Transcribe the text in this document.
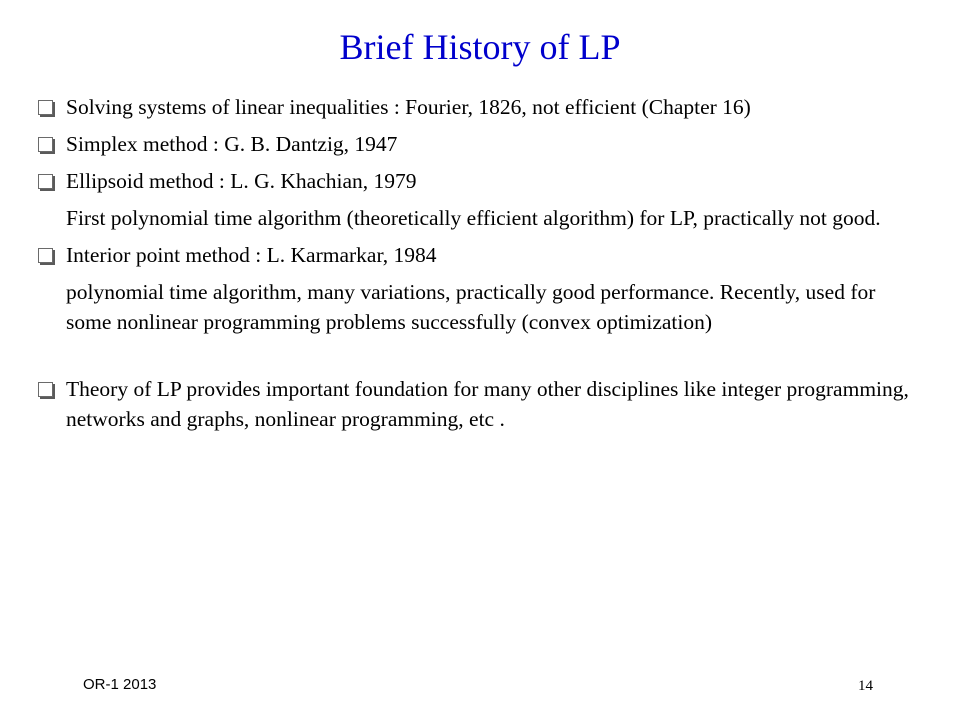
Brief History of LP
Solving systems of linear inequalities : Fourier, 1826, not efficient (Chapter 16)
Simplex method : G. B. Dantzig, 1947
Ellipsoid method : L. G. Khachian, 1979
First polynomial time algorithm (theoretically efficient algorithm) for LP, practically not good.
Interior point method : L. Karmarkar, 1984
polynomial time algorithm, many variations, practically good performance. Recently, used for some nonlinear programming problems successfully (convex optimization)
Theory of LP provides important foundation for many other disciplines like integer programming, networks and graphs, nonlinear programming, etc .
OR-1 2013	14
